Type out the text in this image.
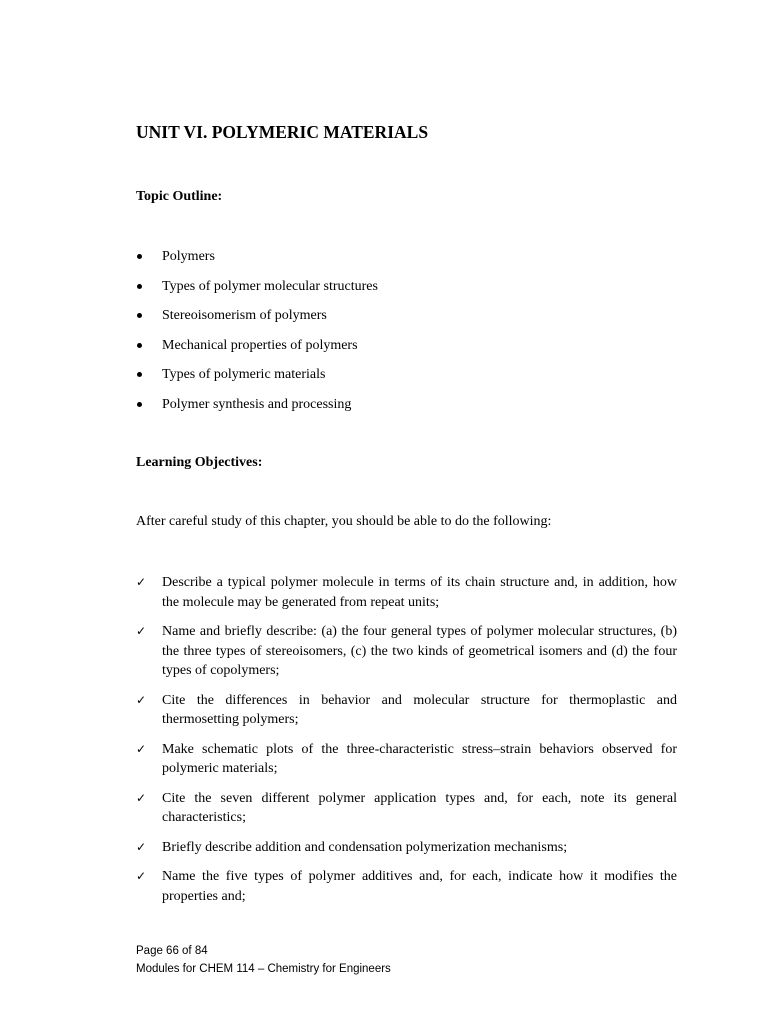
UNIT VI. POLYMERIC MATERIALS
Topic Outline:
Polymers
Types of polymer molecular structures
Stereoisomerism of polymers
Mechanical properties of polymers
Types of polymeric materials
Polymer synthesis and processing
Learning Objectives:

After careful study of this chapter, you should be able to do the following:

✓ Describe a typical polymer molecule in terms of its chain structure and, in addition, how the molecule may be generated from repeat units;
✓ Name and briefly describe: (a) the four general types of polymer molecular structures, (b) the three types of stereoisomers, (c) the two kinds of geometrical isomers and (d) the four types of copolymers;
✓ Cite the differences in behavior and molecular structure for thermoplastic and thermosetting polymers;
✓ Make schematic plots of the three-characteristic stress–strain behaviors observed for polymeric materials;
✓ Cite the seven different polymer application types and, for each, note its general characteristics;
✓ Briefly describe addition and condensation polymerization mechanisms;
✓ Name the five types of polymer additives and, for each, indicate how it modifies the properties and;

Page 66 of 84

Modules for CHEM 114 – Chemistry for Engineers
